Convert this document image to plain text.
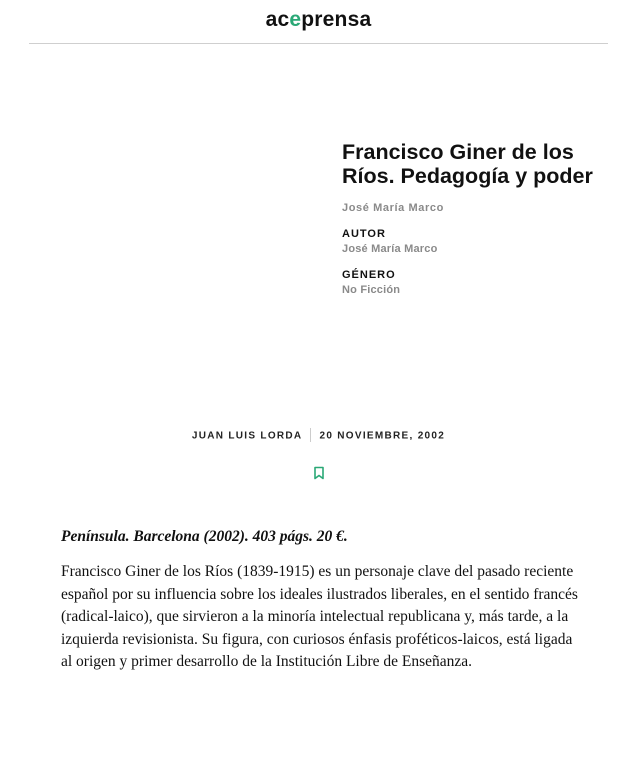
aceprensa
Francisco Giner de los Ríos. Pedagogía y poder
José María Marco
AUTOR
José María Marco
GÉNERO
No Ficción
JUAN LUIS LORDA 20 NOVIEMBRE, 2002

Península. Barcelona (2002). 403 págs. 20 €.

Francisco Giner de los Ríos (1839-1915) es un personaje clave del pasado reciente español por su influencia sobre los ideales ilustrados liberales, en el sentido francés (radical-laico), que sirvieron a la minoría intelectual republicana y, más tarde, a la izquierda revisionista. Su figura, con curiosos énfasis proféticos-laicos, está ligada al origen y primer desarrollo de la Institución Libre de Enseñanza.
